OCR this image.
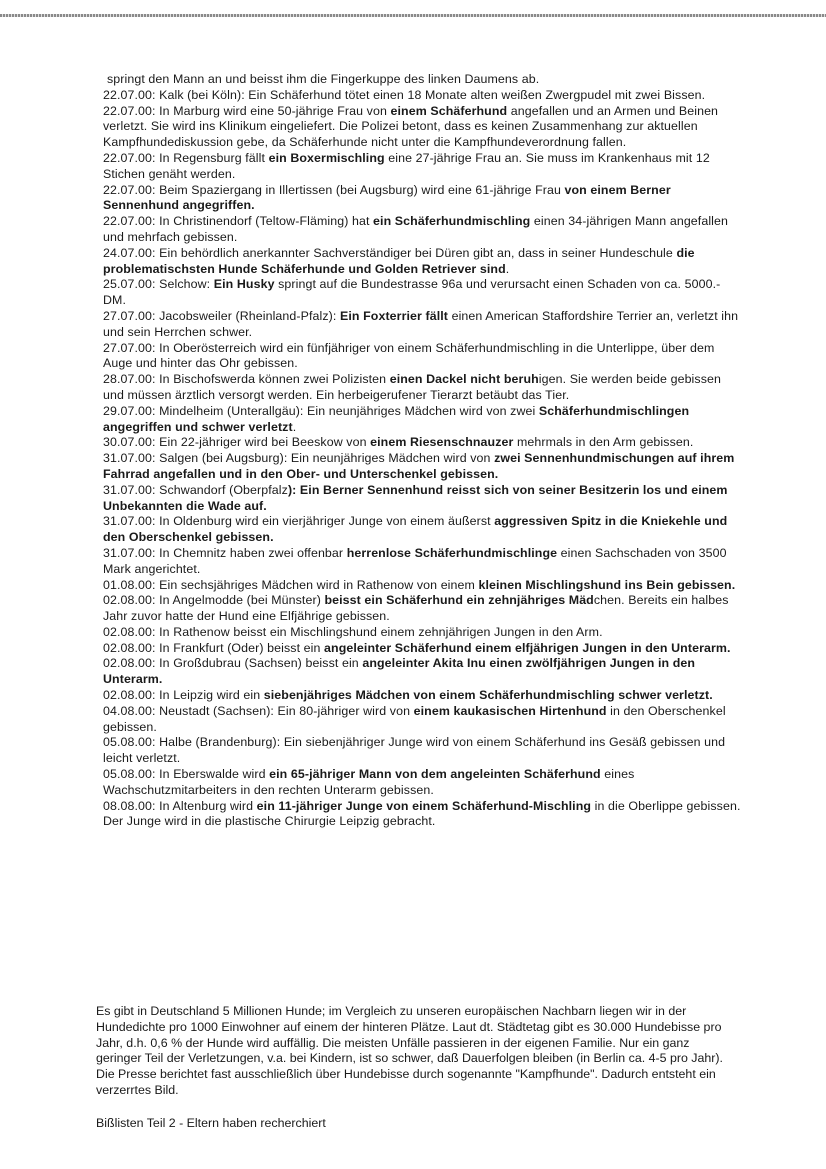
springt den Mann an und beisst ihm die Fingerkuppe des linken Daumens ab.

22.07.00: Kalk (bei Köln): Ein Schäferhund tötet einen 18 Monate alten weißen Zwergpudel mit zwei Bissen.

22.07.00: In Marburg wird eine 50-jährige Frau von einem Schäferhund angefallen und an Armen und Beinen verletzt. Sie wird ins Klinikum eingeliefert. Die Polizei betont, dass es keinen Zusammenhang zur aktuellen Kampfhundediskussion gebe, da Schäferhunde nicht unter die Kampfhundeverordnung fallen.

22.07.00: In Regensburg fällt ein Boxermischling eine 27-jährige Frau an. Sie muss im Krankenhaus mit 12 Stichen genäht werden.

22.07.00: Beim Spaziergang in Illertissen (bei Augsburg) wird eine 61-jährige Frau von einem Berner Sennenhund angegriffen.

22.07.00: In Christinendorf (Teltow-Fläming) hat ein Schäferhundmischling einen 34-jährigen Mann angefallen und mehrfach gebissen.

24.07.00: Ein behördlich anerkannter Sachverständiger bei Düren gibt an, dass in seiner Hundeschule die problematischsten Hunde Schäferhunde und Golden Retriever sind.

25.07.00: Selchow: Ein Husky springt auf die Bundestrasse 96a und verursacht einen Schaden von ca. 5000.-DM.

27.07.00: Jacobsweiler (Rheinland-Pfalz): Ein Foxterrier fällt einen American Staffordshire Terrier an, verletzt ihn und sein Herrchen schwer.

27.07.00: In Oberösterreich wird ein fünfjähriger von einem Schäferhundmischling in die Unterlippe, über dem Auge und hinter das Ohr gebissen.

28.07.00: In Bischofswerda können zwei Polizisten einen Dackel nicht beruhigen. Sie werden beide gebissen und müssen ärztlich versorgt werden. Ein herbeigerufener Tierarzt betäubt das Tier.

29.07.00: Mindelheim (Unterallgäu): Ein neunjähriges Mädchen wird von zwei Schäferhundmischlingen angegriffen und schwer verletzt.

30.07.00: Ein 22-jähriger wird bei Beeskow von einem Riesenschnauzer mehrmals in den Arm gebissen.

31.07.00: Salgen (bei Augsburg): Ein neunjähriges Mädchen wird von zwei Sennenhundmischungen auf ihrem Fahrrad angefallen und in den Ober- und Unterschenkel gebissen.

31.07.00: Schwandorf (Oberpfalz): Ein Berner Sennenhund reisst sich von seiner Besitzerin los und einem Unbekannten die Wade auf.

31.07.00: In Oldenburg wird ein vierjähriger Junge von einem äußerst aggressiven Spitz in die Kniekehle und den Oberschenkel gebissen.

31.07.00: In Chemnitz haben zwei offenbar herrenlose Schäferhundmischlinge einen Sachschaden von 3500 Mark angerichtet.

01.08.00: Ein sechsjähriges Mädchen wird in Rathenow von einem kleinen Mischlingshund ins Bein gebissen.

02.08.00: In Angelmodde (bei Münster) beisst ein Schäferhund ein zehnjähriges Mädchen. Bereits ein halbes Jahr zuvor hatte der Hund eine Elfjährige gebissen.

02.08.00: In Rathenow beisst ein Mischlingshund einem zehnjährigen Jungen in den Arm.

02.08.00: In Frankfurt (Oder) beisst ein angeleinter Schäferhund einem elfjährigen Jungen in den Unterarm.

02.08.00: In Großdubrau (Sachsen) beisst ein angeleinter Akita Inu einen zwölfjährigen Jungen in den Unterarm.

02.08.00: In Leipzig wird ein siebenjähriges Mädchen von einem Schäferhundmischling schwer verletzt.

04.08.00: Neustadt (Sachsen): Ein 80-jähriger wird von einem kaukasischen Hirtenhund in den Oberschenkel gebissen.

05.08.00: Halbe (Brandenburg): Ein siebenjähriger Junge wird von einem Schäferhund ins Gesäß gebissen und leicht verletzt.

05.08.00: In Eberswalde wird ein 65-jähriger Mann von dem angeleinten Schäferhund eines Wachschutzmitarbeiters in den rechten Unterarm gebissen.

08.08.00: In Altenburg wird ein 11-jähriger Junge von einem Schäferhund-Mischling in die Oberlippe gebissen. Der Junge wird in die plastische Chirurgie Leipzig gebracht.

Es gibt in Deutschland 5 Millionen Hunde; im Vergleich zu unseren europäischen Nachbarn liegen wir in der Hundedichte pro 1000 Einwohner auf einem der hinteren Plätze. Laut dt. Städtetag gibt es 30.000 Hundebisse pro Jahr, d.h. 0,6 % der Hunde wird auffällig. Die meisten Unfälle passieren in der eigenen Familie. Nur ein ganz geringer Teil der Verletzungen, v.a. bei Kindern, ist so schwer, daß Dauerfolgen bleiben (in Berlin ca. 4-5 pro Jahr). Die Presse berichtet fast ausschließlich über Hundebisse durch sogenannte "Kampfhunde". Dadurch entsteht ein verzerrtes Bild.

Bißlisten Teil 2 - Eltern haben recherchiert
